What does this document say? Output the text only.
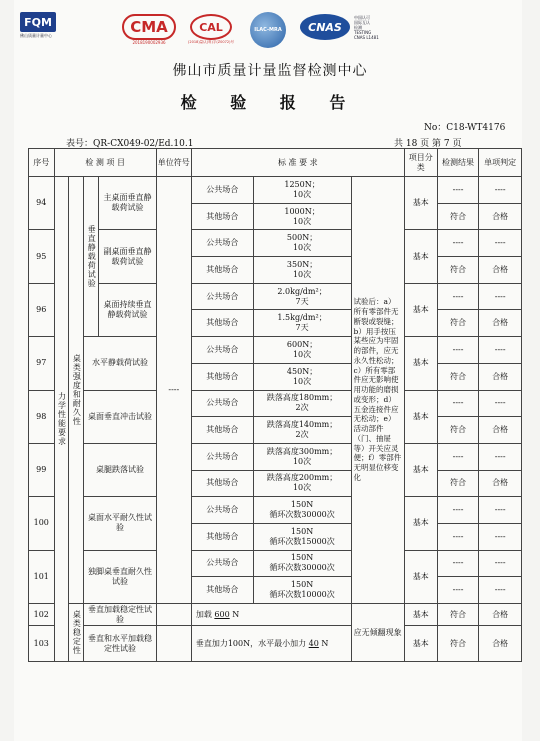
FQM
佛山质量计量中心	CMA
2018190002936
CAL
(2018)量认(粤)字(Z0072)号
ILAC-MRA	CNAS
中国认可
国际互认
检测
TESTING
CNAS L1481
佛山市质量计量监督检测中心
检 验 报 告
No：C18-WT4176
表号：QR-CX049-02/Ed.10.1	共 18 页 第 7 页
序号	检 测 项 目				单位符号	标 准 要 求			项目分类	检测结果	单项判定
94	力学性能要求	桌类强度和耐久性	垂直静载荷试验	主桌面垂直静载荷试验	----	公共场合	1250N；
10次	试验后：a）所有零部件无断裂或裂缝；b）用手按压某些应为牢固的部件，应无永久性松动；c）所有零部件应无影响使用功能的磨损或变形；d）五金连接件应无松动；e）活动部件（门、抽屉等）开关应灵便；f）零部件无明显位移变化	基本	----	----
						其他场合	1000N；
10次			符合	合格
95				副桌面垂直静载荷试验		公共场合	500N；
10次		基本	----	----
						其他场合	350N；
10次			符合	合格
96				桌面持续垂直静载荷试验		公共场合	2.0kg/dm²；
7天		基本	----	----
						其他场合	1.5kg/dm²；
7天			符合	合格
97			水平静载荷试验			公共场合	600N；
10次		基本	----	----
						其他场合	450N；
10次			符合	合格
98			桌面垂直冲击试验			公共场合	跌落高度180mm；
2次		基本	----	----
						其他场合	跌落高度140mm；
2次			符合	合格
99			桌腿跌落试验			公共场合	跌落高度300mm；
10次		基本	----	----
						其他场合	跌落高度200mm；
10次			符合	合格
100			桌面水平耐久性试验			公共场合	150N
循环次数30000次		基本	----	----
						其他场合	150N
循环次数15000次			----	----
101			独脚桌垂直耐久性试验			公共场合	150N
循环次数30000次		基本	----	----
						其他场合	150N
循环次数10000次			----	----
102		桌类稳定性	垂直加载稳定性试验			加载 600 N		应无倾翻现象	基本	符合	合格
103			垂直和水平加载稳定性试验			垂直加力100N，水平最小加力 40 N			基本	符合	合格
